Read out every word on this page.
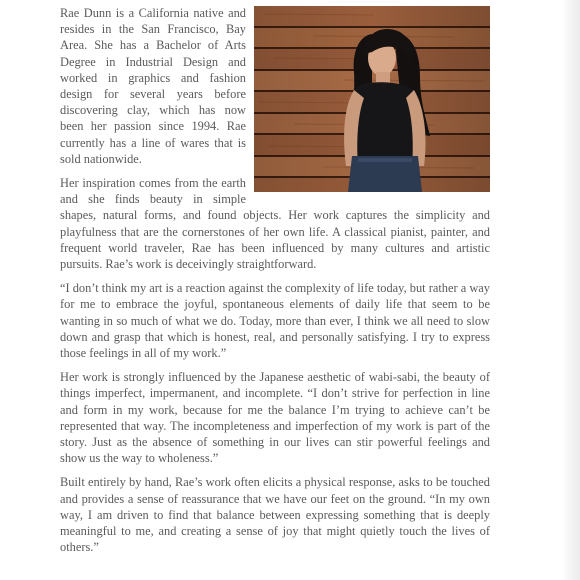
Rae Dunn is a California native and resides in the San Francisco, Bay Area. She has a Bachelor of Arts Degree in Industrial Design and worked in graphics and fashion design for several years before discovering clay, which has now been her passion since 1994. Rae currently has a line of wares that is sold nationwide.

Her inspiration comes from the earth and she finds beauty in simple shapes, natural forms, and found objects. Her work captures the simplicity and playfulness that are the cornerstones of her own life. A classical pianist, painter, and frequent world traveler, Rae has been influenced by many cultures and artistic pursuits. Rae’s work is deceivingly straightforward.

“I don’t think my art is a reaction against the complexity of life today, but rather a way for me to embrace the joyful, spontaneous elements of daily life that seem to be wanting in so much of what we do. Today, more than ever, I think we all need to slow down and grasp that which is honest, real, and personally satisfying. I try to express those feelings in all of my work.”

Her work is strongly influenced by the Japanese aesthetic of wabi-sabi, the beauty of things imperfect, impermanent, and incomplete. “I don’t strive for perfection in line and form in my work, because for me the balance I’m trying to achieve can’t be represented that way. The incompleteness and imperfection of my work is part of the story. Just as the absence of something in our lives can stir powerful feelings and show us the way to wholeness.”

Built entirely by hand, Rae’s work often elicits a physical response, asks to be touched and provides a sense of reassurance that we have our feet on the ground. “In my own way, I am driven to find that balance between expressing something that is deeply meaningful to me, and creating a sense of joy that might quietly touch the lives of others.”
